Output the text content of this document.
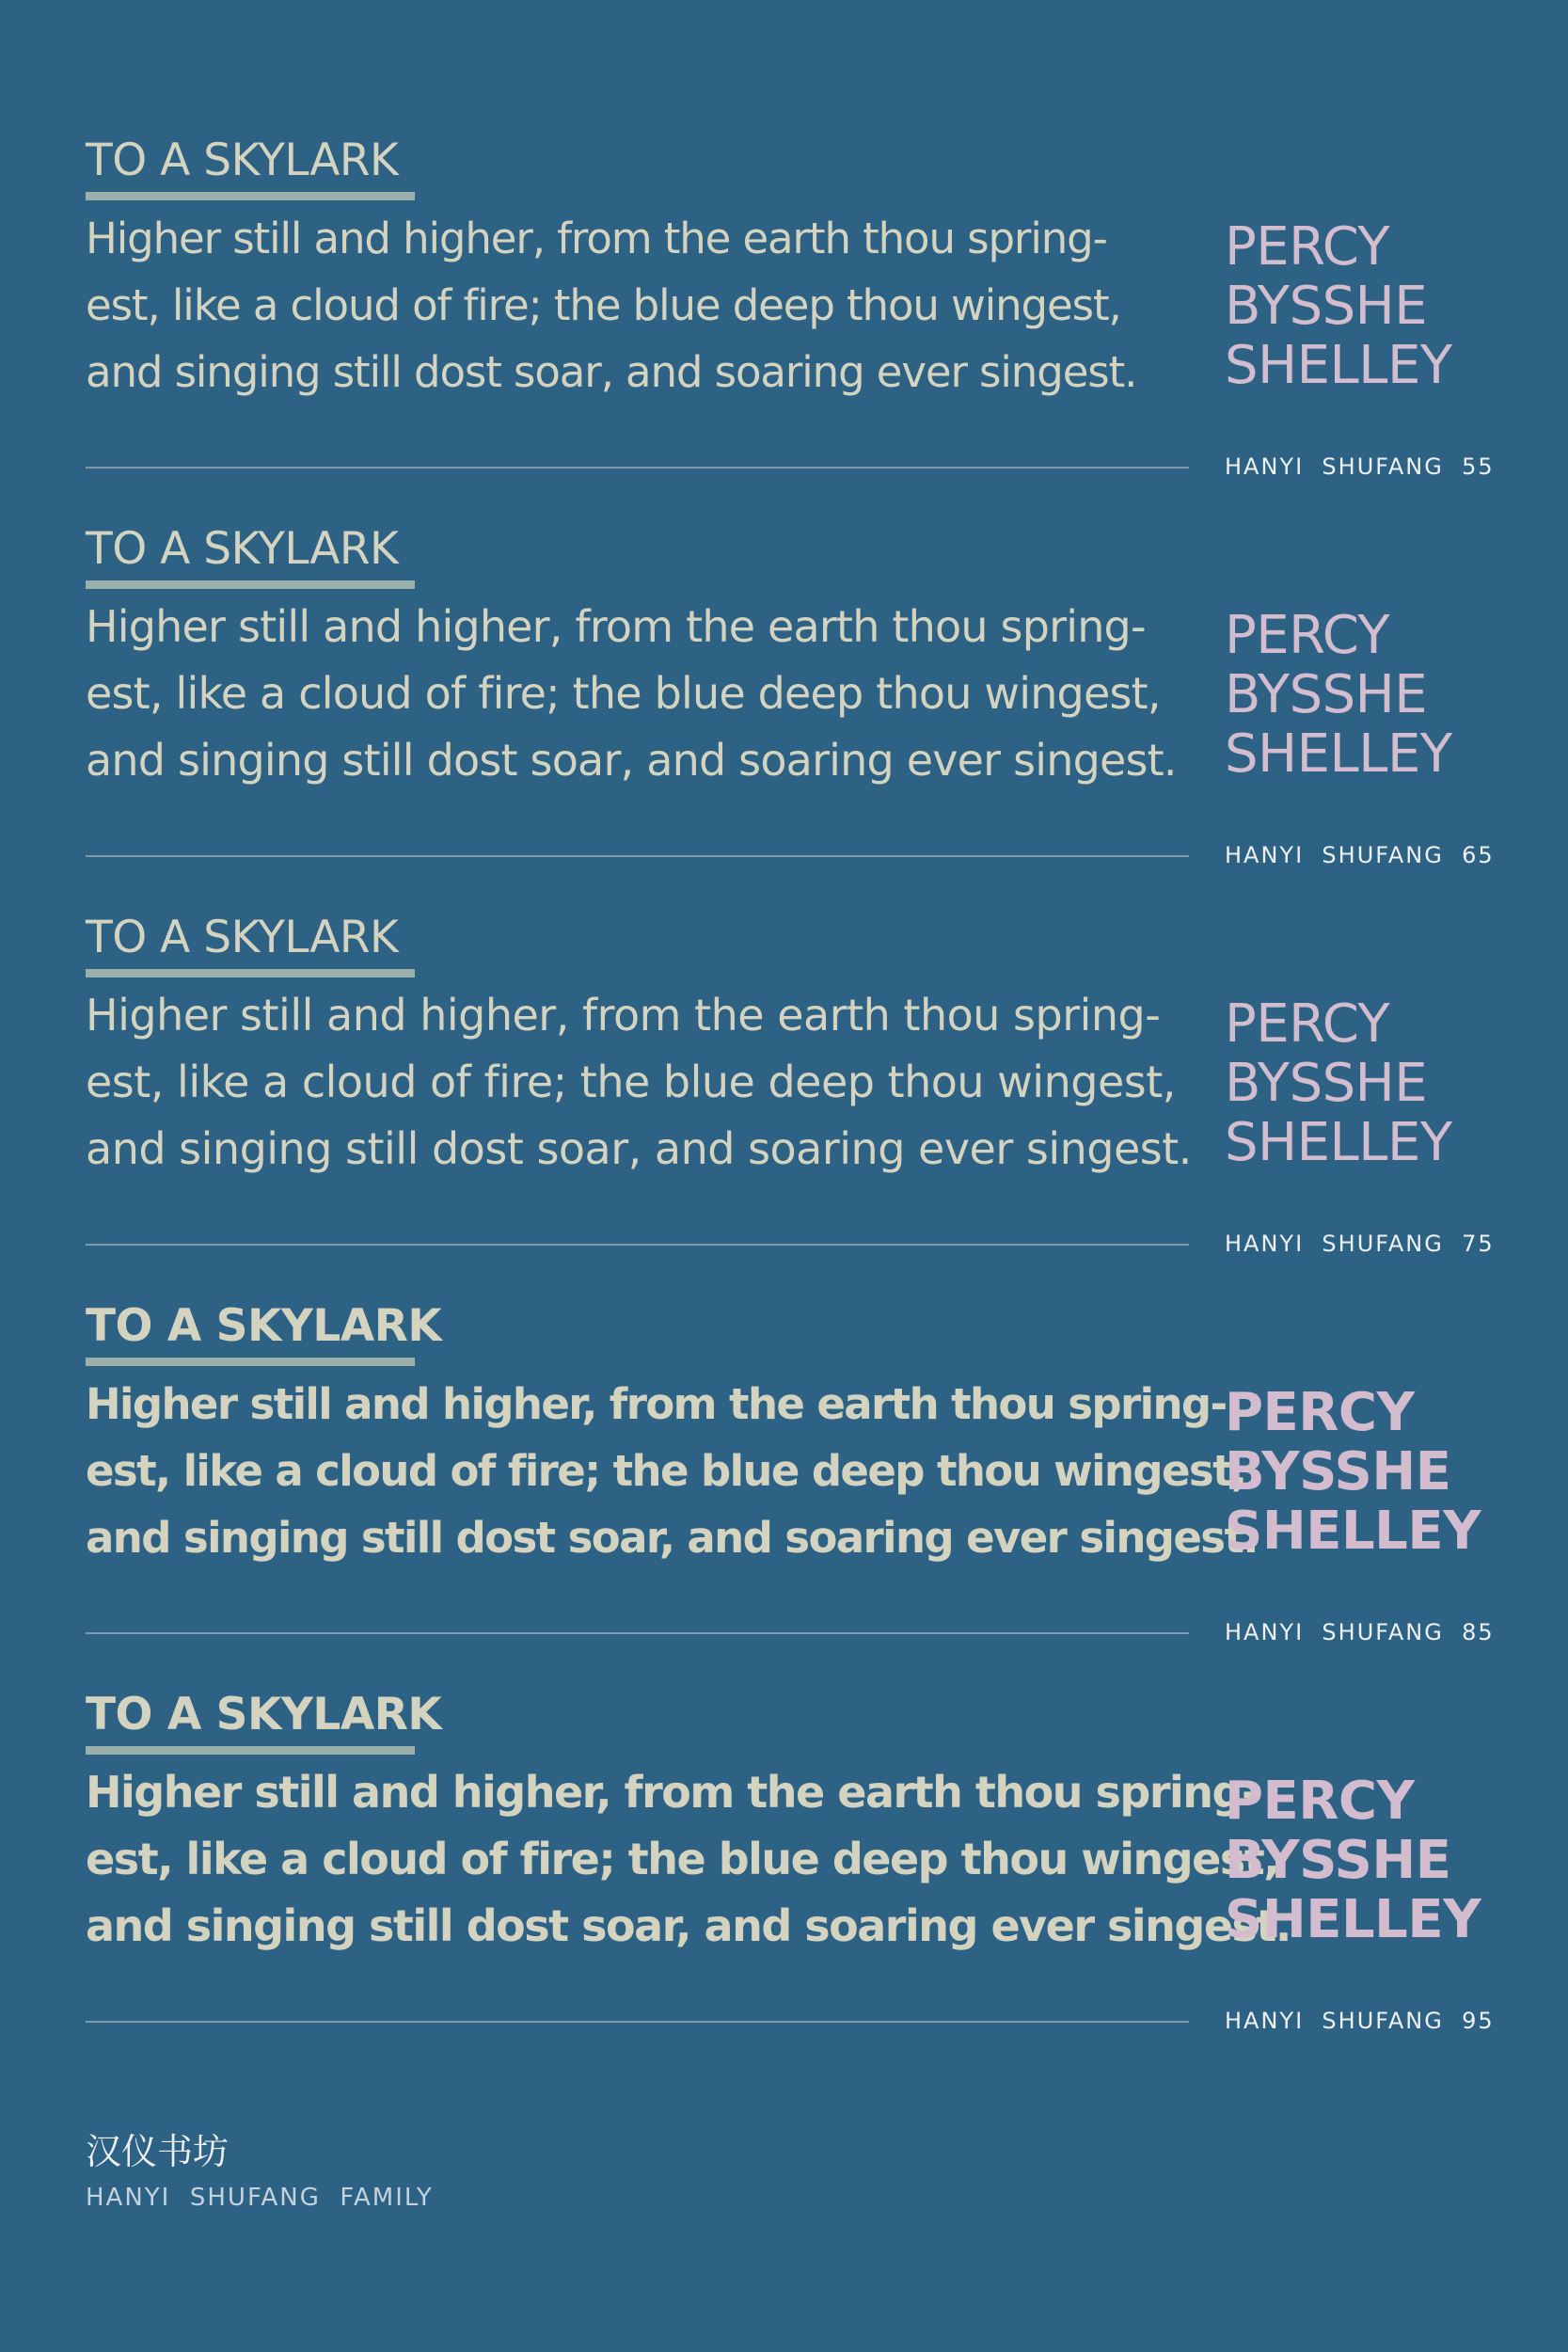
TO A SKYLARK
Higher still and higher, from the earth thou spring-
est, like a cloud of fire; the blue deep thou wingest,
and singing still dost soar, and soaring ever singest.
PERCY
BYSSHE
SHELLEY
HANYI  SHUFANG  55
TO A SKYLARK
Higher still and higher, from the earth thou spring-
est, like a cloud of fire; the blue deep thou wingest,
and singing still dost soar, and soaring ever singest.
PERCY
BYSSHE
SHELLEY
HANYI  SHUFANG  65
TO A SKYLARK
Higher still and higher, from the earth thou spring-
est, like a cloud of fire; the blue deep thou wingest,
and singing still dost soar, and soaring ever singest.
PERCY
BYSSHE
SHELLEY
HANYI  SHUFANG  75
TO A SKYLARK
Higher still and higher, from the earth thou spring-
est, like a cloud of fire; the blue deep thou wingest,
and singing still dost soar, and soaring ever singest.
PERCY
BYSSHE
SHELLEY
HANYI  SHUFANG  85
TO A SKYLARK
Higher still and higher, from the earth thou spring-
est, like a cloud of fire; the blue deep thou wingest,
and singing still dost soar, and soaring ever singest.
PERCY
BYSSHE
SHELLEY
HANYI  SHUFANG  95
汉仪书坊
HANYI  SHUFANG  FAMILY
